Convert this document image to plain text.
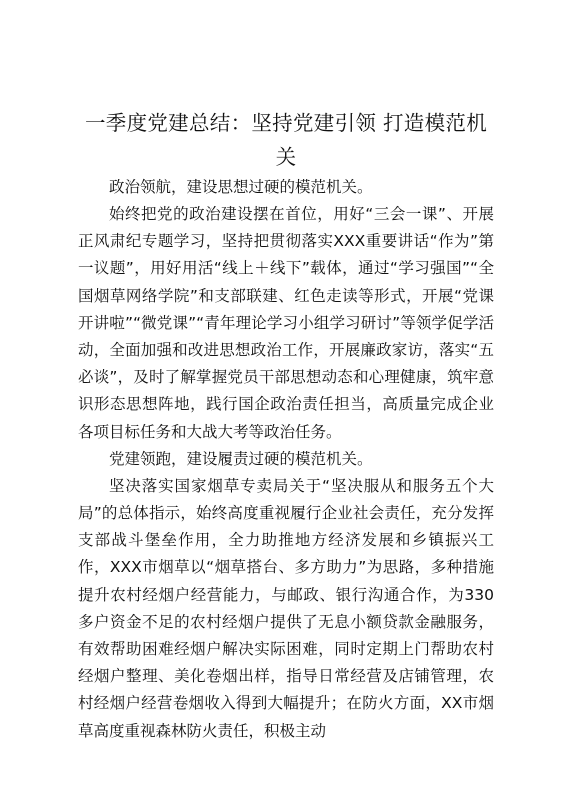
一季度党建总结：坚持党建引领 打造模范机关

政治领航，建设思想过硬的模范机关。

始终把党的政治建设摆在首位，用好“三会一课”、开展正风肃纪专题学习，坚持把贯彻落实XXX重要讲话“作为”第一议题”，用好用活“线上＋线下”载体，通过“学习强国”“全国烟草网络学院”和支部联建、红色走读等形式，开展“党课开讲啦”“微党课”“青年理论学习小组学习研讨”等领学促学活动，全面加强和改进思想政治工作，开展廉政家访，落实“五必谈”，及时了解掌握党员干部思想动态和心理健康，筑牢意识形态思想阵地，践行国企政治责任担当，高质量完成企业各项目标任务和大战大考等政治任务。

党建领跑，建设履责过硬的模范机关。

坚决落实国家烟草专卖局关于“坚决服从和服务五个大局”的总体指示，始终高度重视履行企业社会责任，充分发挥支部战斗堡垒作用，全力助推地方经济发展和乡镇振兴工作，XXX市烟草以“烟草搭台、多方助力”为思路，多种措施提升农村经烟户经营能力，与邮政、银行沟通合作，为330多户资金不足的农村经烟户提供了无息小额贷款金融服务，有效帮助困难经烟户解决实际困难，同时定期上门帮助农村经烟户整理、美化卷烟出样，指导日常经营及店铺管理，农村经烟户经营卷烟收入得到大幅提升；在防火方面，XX市烟草高度重视森林防火责任，积极主动
